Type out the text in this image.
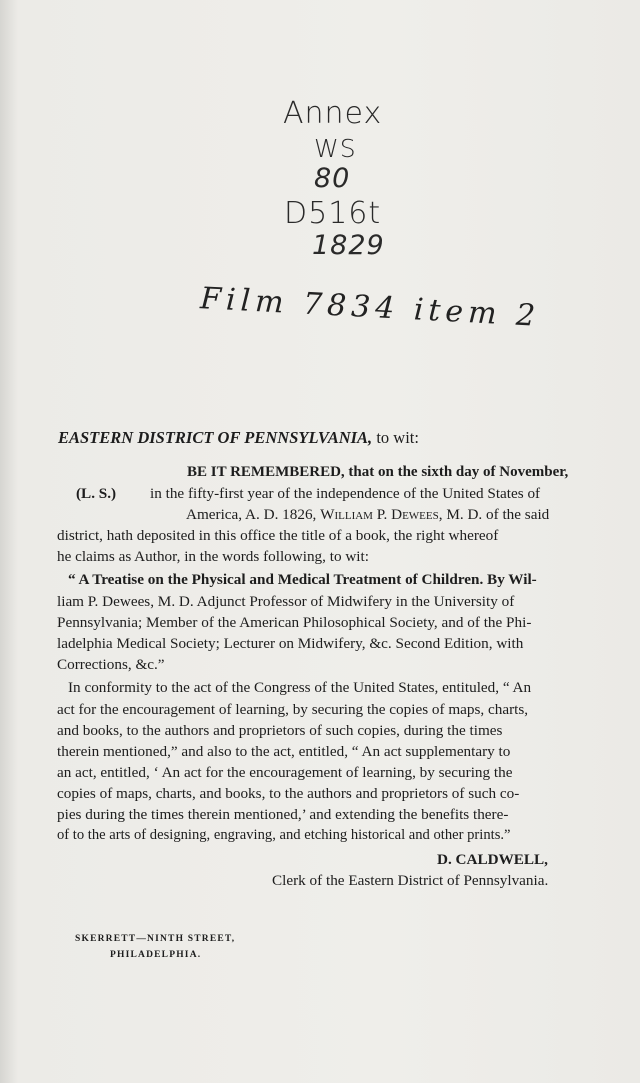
Annex
WS
80
D516t
1829
Film 7834 item 2
EASTERN DISTRICT OF PENNSYLVANIA, to wit:
BE IT REMEMBERED, that on the sixth day of November,
(L. S.) in the fifty-first year of the independence of the United States of
America, A. D. 1826, William P. Dewees, M. D. of the said
district, hath deposited in this office the title of a book, the right whereof
he claims as Author, in the words following, to wit:
“ A Treatise on the Physical and Medical Treatment of Children. By Wil-
liam P. Dewees, M. D. Adjunct Professor of Midwifery in the University of
Pennsylvania; Member of the American Philosophical Society, and of the Phi-
ladelphia Medical Society; Lecturer on Midwifery, &c. Second Edition, with
Corrections, &c.”
In conformity to the act of the Congress of the United States, entituled, “ An
act for the encouragement of learning, by securing the copies of maps, charts,
and books, to the authors and proprietors of such copies, during the times
therein mentioned,” and also to the act, entitled, “ An act supplementary to
an act, entitled, ‘ An act for the encouragement of learning, by securing the
copies of maps, charts, and books, to the authors and proprietors of such co-
pies during the times therein mentioned,’ and extending the benefits there-
of to the arts of designing, engraving, and etching historical and other prints.”
D. CALDWELL,
Clerk of the Eastern District of Pennsylvania.
SKERRETT—NINTH STREET,
PHILADELPHIA.
